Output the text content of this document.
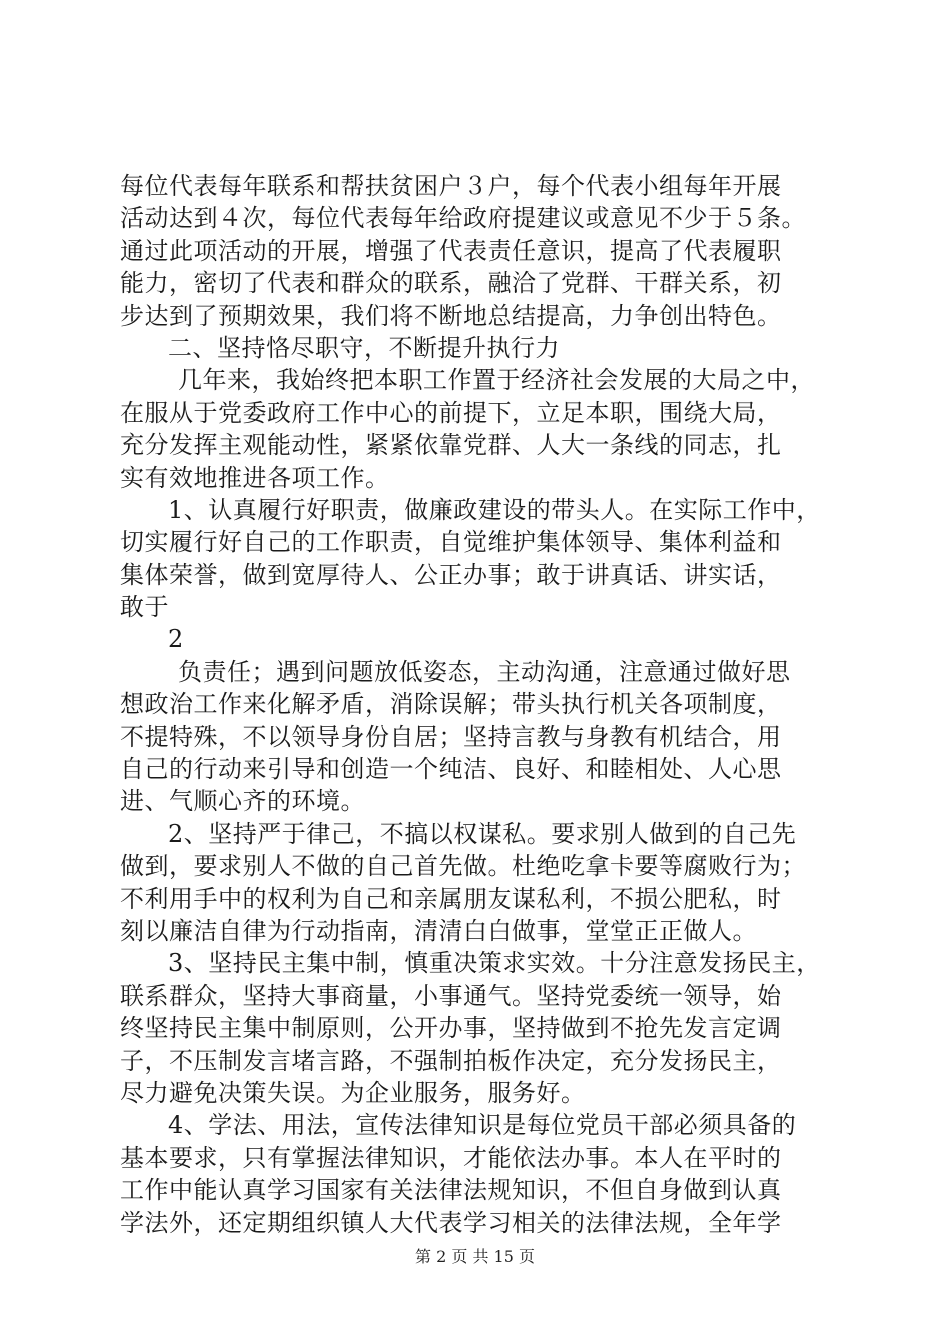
每位代表每年联系和帮扶贫困户３户，每个代表小组每年开展
活动达到４次，每位代表每年给政府提建议或意见不少于５条。
通过此项活动的开展，增强了代表责任意识，提高了代表履职
能力，密切了代表和群众的联系，融洽了党群、干群关系，初
步达到了预期效果，我们将不断地总结提高，力争创出特色。
二、坚持恪尽职守，不断提升执行力
几年来，我始终把本职工作置于经济社会发展的大局之中，
在服从于党委政府工作中心的前提下，立足本职，围绕大局，
充分发挥主观能动性，紧紧依靠党群、人大一条线的同志，扎
实有效地推进各项工作。
1、认真履行好职责，做廉政建设的带头人。在实际工作中，
切实履行好自己的工作职责，自觉维护集体领导、集体利益和
集体荣誉，做到宽厚待人、公正办事；敢于讲真话、讲实话，
敢于
2
负责任；遇到问题放低姿态，主动沟通，注意通过做好思
想政治工作来化解矛盾，消除误解；带头执行机关各项制度，
不提特殊，不以领导身份自居；坚持言教与身教有机结合，用
自己的行动来引导和创造一个纯洁、良好、和睦相处、人心思
进、气顺心齐的环境。
2、坚持严于律己，不搞以权谋私。要求别人做到的自己先
做到，要求别人不做的自己首先做。杜绝吃拿卡要等腐败行为；
不利用手中的权利为自己和亲属朋友谋私利，不损公肥私，时
刻以廉洁自律为行动指南，清清白白做事，堂堂正正做人。
3、坚持民主集中制，慎重决策求实效。十分注意发扬民主，
联系群众，坚持大事商量，小事通气。坚持党委统一领导，始
终坚持民主集中制原则，公开办事，坚持做到不抢先发言定调
子，不压制发言堵言路，不强制拍板作决定，充分发扬民主，
尽力避免决策失误。为企业服务，服务好。
4、学法、用法，宣传法律知识是每位党员干部必须具备的
基本要求，只有掌握法律知识，才能依法办事。本人在平时的
工作中能认真学习国家有关法律法规知识，不但自身做到认真
学法外，还定期组织镇人大代表学习相关的法律法规，全年学
第 2 页 共 15 页
